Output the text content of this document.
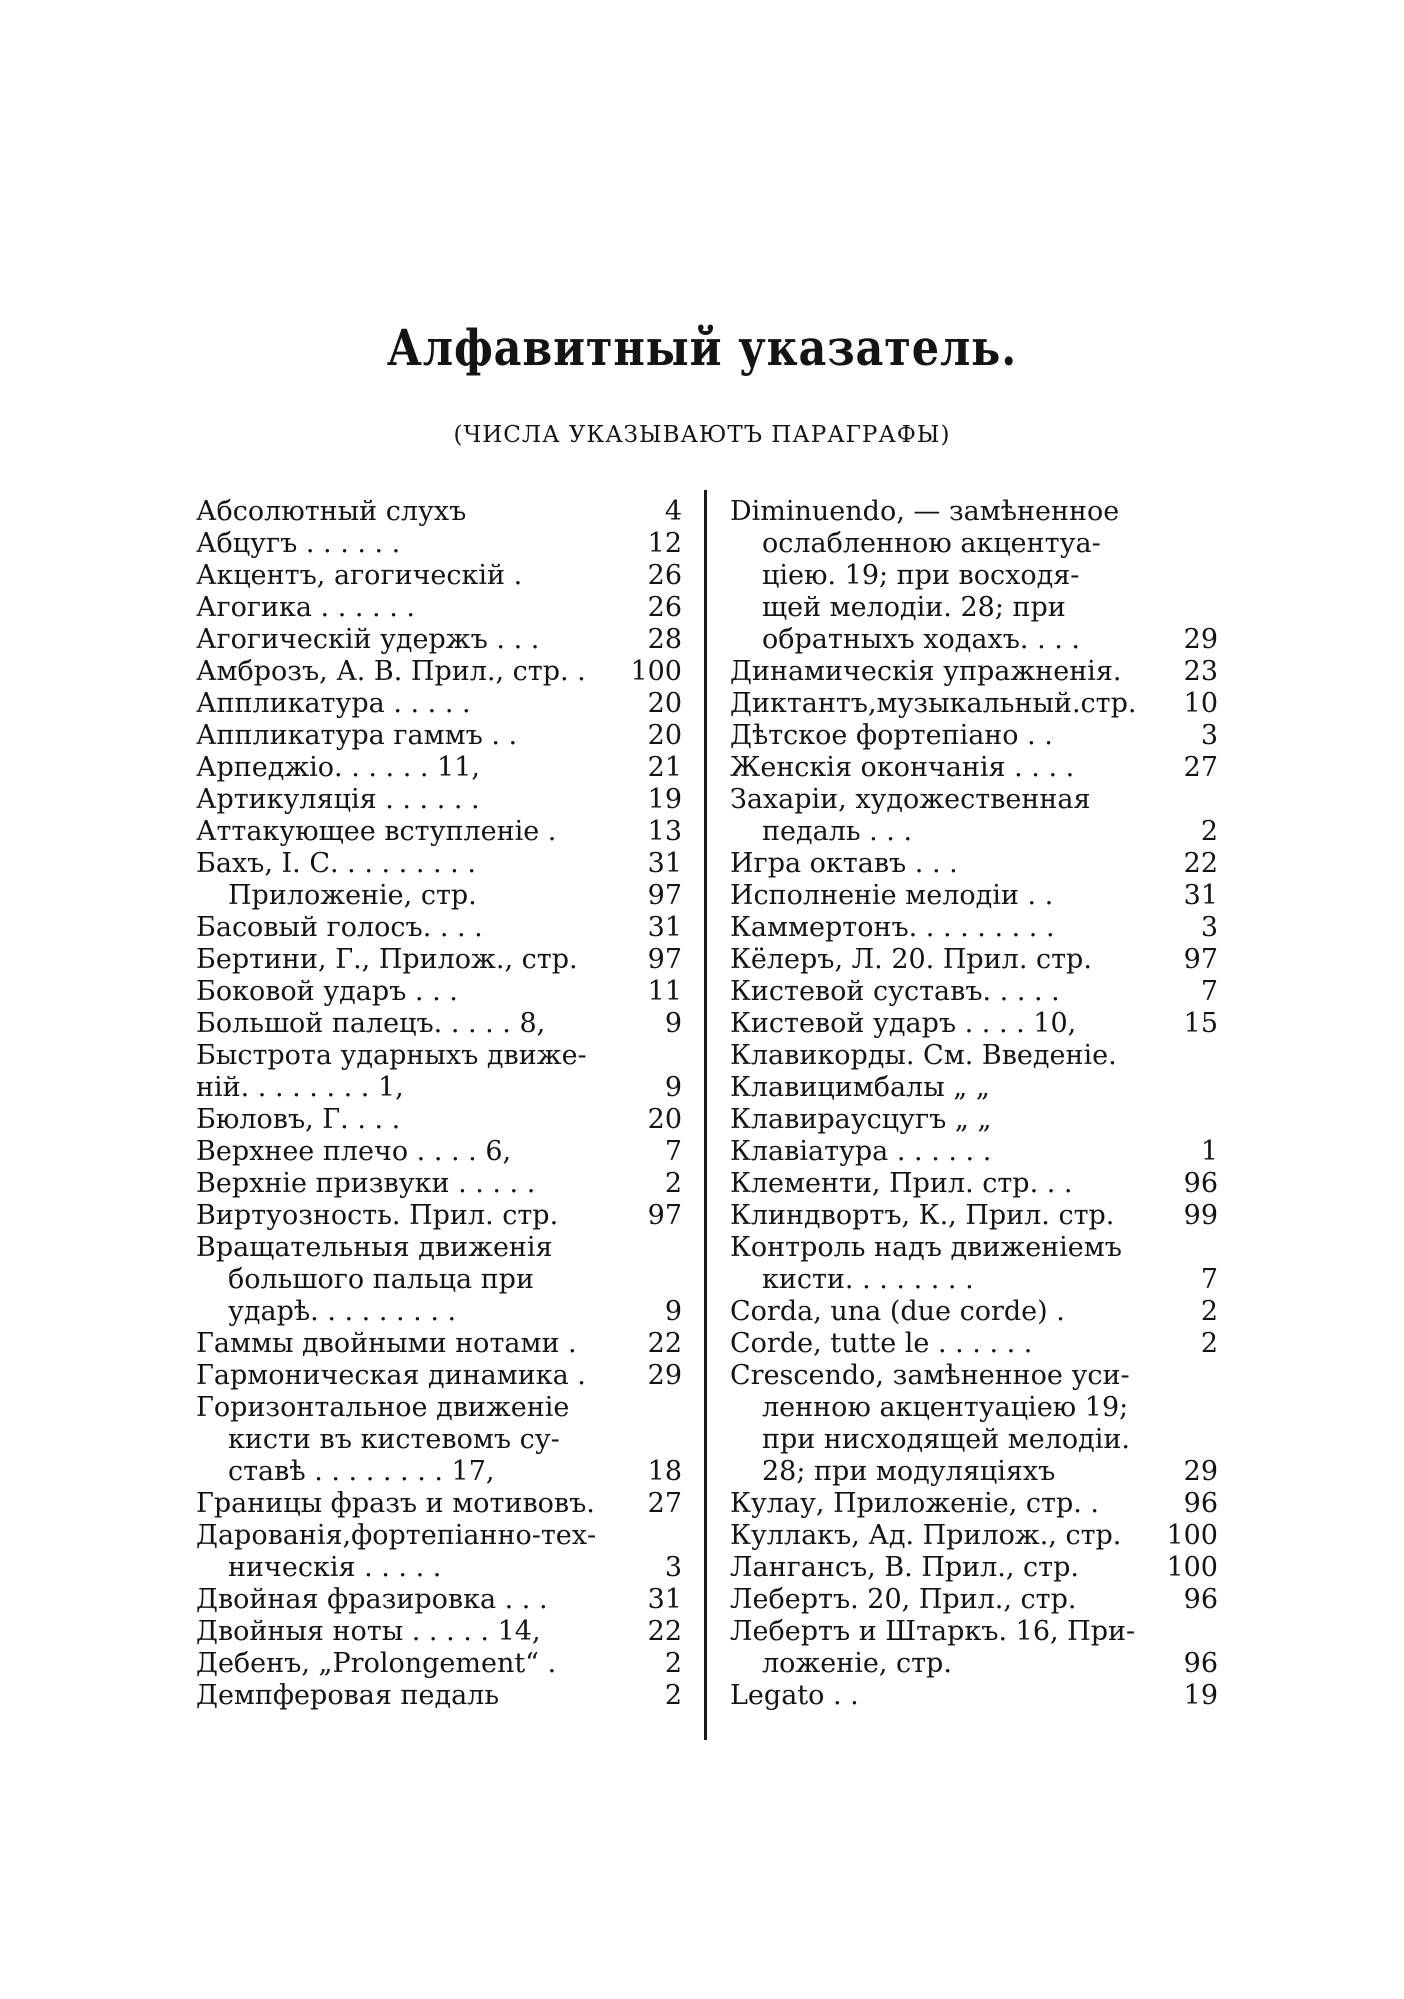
Алфавитный указатель.
(ЧИСЛА УКАЗЫВАЮТЪ ПАРАГРАФЫ)
Абсолютный слухъ	4
Абцугъ . . . . . .	12
Акцентъ, агогическій .	26
Агогика . . . . . .	26
Агогическій удержъ . . .	28
Амброзъ, А. В. Прил., стр. . 100
Аппликатура . . . . .	20
Аппликатура гаммъ . .	20
Арпеджіо. . . . . . 11,	21
Артикуляція . . . . . .	19
Аттакующее вступленіе .	13
Бахъ, І. С. . . . . . . . .	31
Приложеніе, стр.	97
Басовый голосъ. . . .	31
Бертини, Г., Прилож., стр.	97
Боковой ударъ . . .	11
Большой палецъ. . . . . 8,	9
Быстрота ударныхъ движе-
ній. . . . . . . . 1,	9
Бюловъ, Г. . . .	20
Верхнее плечо . . . . 6,	7
Верхніе призвуки . . . . .	2
Виртуозность. Прил. стр.	97
Вращательныя движенія
большого пальца при
ударѣ. . . . . . . . .	9
Гаммы двойными нотами .	22
Гармоническая динамика . 29
Горизонтальное движеніе
кисти въ кистевомъ су-
ставѣ . . . . . . . . 17,	18
Границы фразъ и мотивовъ. 27
Дарованія,фортепіанно-тех-
ническія . . . . .	3
Двойная фразировка . . .	31
Двойныя ноты . . . . . 14,	22
Дебенъ, „Prolongement“ .	2
Демпферовая педаль	2
Diminuendo, — замѣненное
ослабленною акцентуа-
ціею. 19; при восходя-
щей мелодіи. 28; при
обратныхъ ходахъ. . . .	29
Динамическія упражненія. 23
Диктантъ,музыкальный.стр. 10
Дѣтское фортепіано . .	3
Женскія окончанія . . . .	27
Захаріи, художественная
педаль . . .	2
Игра октавъ . . .	22
Исполненіе мелодіи . .	31
Каммертонъ. . . . . . . . .	3
Кёлеръ, Л. 20. Прил. стр.	97
Кистевой суставъ. . . . .	7
Кистевой ударъ . . . . 10,	15
Клавикорды. См. Введеніе.
Клавицимбалы „ „
Клавираусцугъ „ „
Клавіатура . . . . . .	1
Клементи, Прил. стр. . .	96
Клиндвортъ, К., Прил. стр.	99
Контроль надъ движеніемъ
кисти. . . . . . . .	7
Corda, una (due corde) .	2
Corde, tutte le . . . . . .	2
Crescendo, замѣненное уси-
ленною акцентуаціею 19;
при нисходящей мелодіи.
28; при модуляціяхъ	29
Кулау, Приложеніе, стр. .	96
Куллакъ, Ад. Прилож., стр. 100
Лангансъ, В. Прил., стр.	100
Лебертъ. 20, Прил., стр.	96
Лебертъ и Штаркъ. 16, При-
ложеніе, стр.	96
Legato . .	19
